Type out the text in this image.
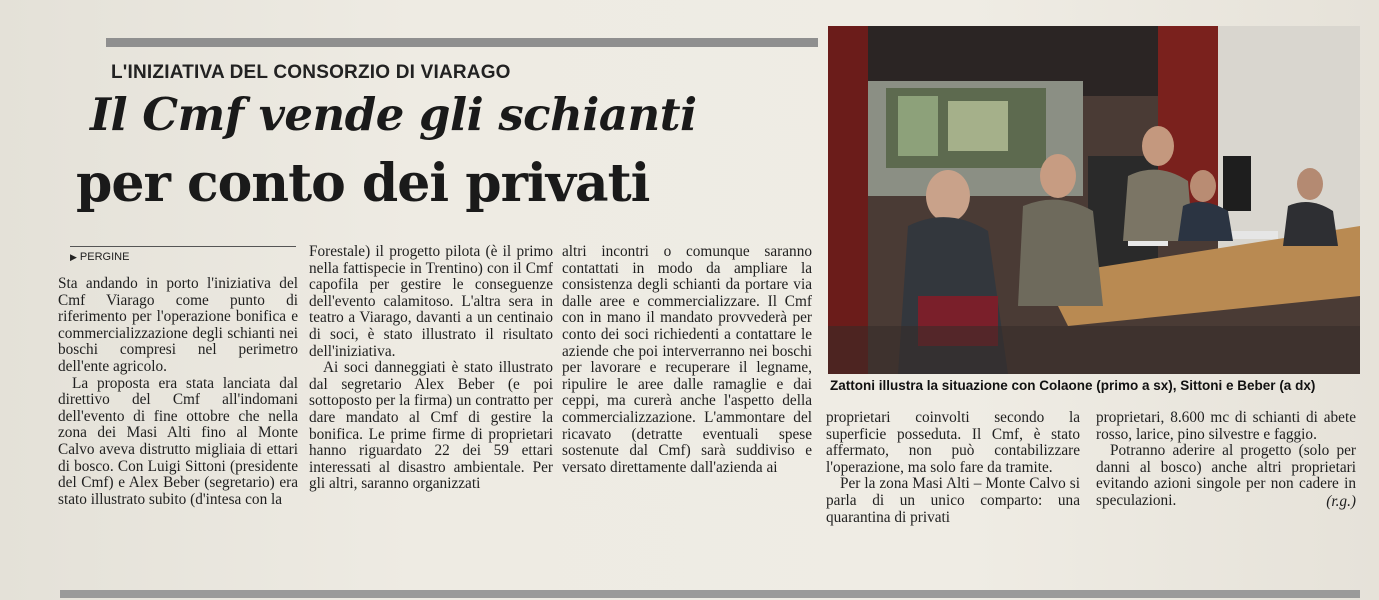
L'INIZIATIVA DEL CONSORZIO DI VIARAGO
Il Cmf vende gli schianti
per conto dei privati
▶ PERGINE

Sta andando in porto l'iniziativa del Cmf Viarago come punto di riferimento per l'operazione bonifica e commercializzazione degli schianti nei boschi compresi nel perimetro dell'ente agricolo.

La proposta era stata lanciata dal direttivo del Cmf all'indomani dell'evento di fine ottobre che nella zona dei Masi Alti fino al Monte Calvo aveva distrutto migliaia di ettari di bosco. Con Luigi Sittoni (presidente del Cmf) e Alex Beber (segretario) era stato illustrato subito (d'intesa con la

Forestale) il progetto pilota (è il primo nella fattispecie in Trentino) con il Cmf capofila per gestire le conseguenze dell'evento calamitoso. L'altra sera in teatro a Viarago, davanti a un centinaio di soci, è stato illustrato il risultato dell'iniziativa.

Ai soci danneggiati è stato illustrato dal segretario Alex Beber (e poi sottoposto per la firma) un contratto per dare mandato al Cmf di gestire la bonifica. Le prime firme di proprietari hanno riguardato 22 dei 59 ettari interessati al disastro ambientale. Per gli altri, saranno organizzati

altri incontri o comunque saranno contattati in modo da ampliare la consistenza degli schianti da portare via dalle aree e commercializzare. Il Cmf con in mano il mandato provvederà per conto dei soci richiedenti a contattare le aziende che poi interverranno nei boschi per lavorare e recuperare il legname, ripulire le aree dalle ramaglie e dai ceppi, ma curerà anche l'aspetto della commercializzazione. L'ammontare del ricavato (detratte eventuali spese sostenute dal Cmf) sarà suddiviso e versato direttamente dall'azienda ai

Zattoni illustra la situazione con Colaone (primo a sx), Sittoni e Beber (a dx)

proprietari coinvolti secondo la superficie posseduta. Il Cmf, è stato affermato, non può contabilizzare l'operazione, ma solo fare da tramite.

Per la zona Masi Alti – Monte Calvo si parla di un unico comparto: una quarantina di privati

proprietari, 8.600 mc di schianti di abete rosso, larice, pino silvestre e faggio.

Potranno aderire al progetto (solo per danni al bosco) anche altri proprietari evitando azioni singole per non cadere in speculazioni.	(r.g.)
